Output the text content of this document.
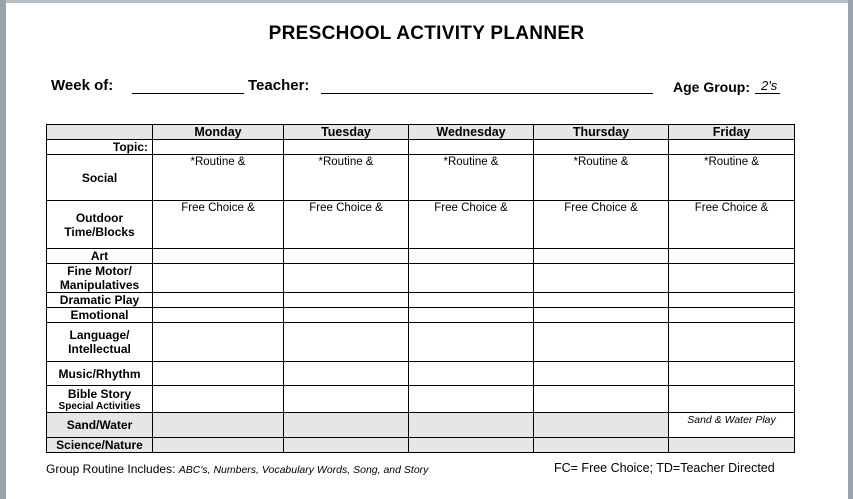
PRESCHOOL ACTIVITY PLANNER
Week of:	Teacher:	Age Group: 2's
	Monday	Tuesday	Wednesday	Thursday	Friday
Topic:					
Social	*Routine &	*Routine &	*Routine &	*Routine &	*Routine &

Outdoor Time/Blocks	Free Choice &	Free Choice &	Free Choice &	Free Choice &	Free Choice &

Art					
Fine Motor/ Manipulatives					
Dramatic Play					
Emotional					
Language/ Intellectual					
Music/Rhythm					
Bible Story
Special Activities					

Sand/Water					Sand & Water Play

Science/Nature					
Group Routine Includes: ABC's, Numbers, Vocabulary Words, Song, and Story	FC= Free Choice; TD=Teacher Directed
